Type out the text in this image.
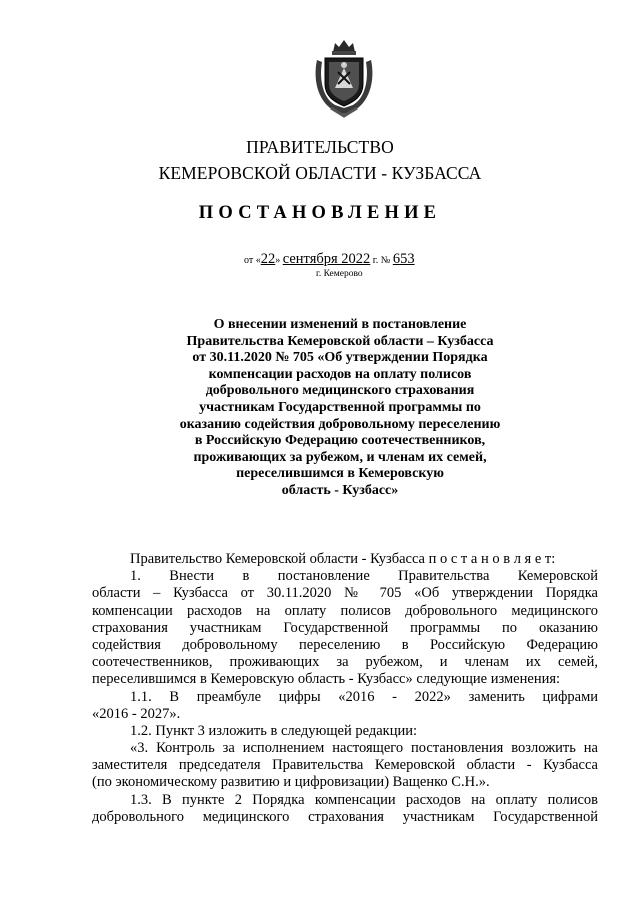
ПРАВИТЕЛЬСТВО
КЕМЕРОВСКОЙ ОБЛАСТИ - КУЗБАССА
ПОСТАНОВЛЕНИЕ
от «22» сентября 2022 г. № 653
г. Кемерово
О внесении изменений в постановление
Правительства Кемеровской области – Кузбасса
от 30.11.2020 № 705 «Об утверждении Порядка
компенсации расходов на оплату полисов
добровольного медицинского страхования
участникам Государственной программы по
оказанию содействия добровольному переселению
в Российскую Федерацию соотечественников,
проживающих за рубежом, и членам их семей,
переселившимся в Кемеровскую
область - Кузбасс»
Правительство Кемеровской области - Кузбасса п о с т а н о в л я е т:
1. Внести в постановление Правительства Кемеровской
области – Кузбасса от 30.11.2020 № 705 «Об утверждении Порядка
компенсации расходов на оплату полисов добровольного медицинского
страхования участникам Государственной программы по оказанию
содействия добровольному переселению в Российскую Федерацию
соотечественников, проживающих за рубежом, и членам их семей,
переселившимся в Кемеровскую область - Кузбасс» следующие изменения:
1.1. В преамбуле цифры «2016 - 2022» заменить цифрами
«2016 - 2027».
1.2. Пункт 3 изложить в следующей редакции:
«3. Контроль за исполнением настоящего постановления возложить на
заместителя председателя Правительства Кемеровской области - Кузбасса
(по экономическому развитию и цифровизации) Ващенко С.Н.».
1.3. В пункте 2 Порядка компенсации расходов на оплату полисов
добровольного медицинского страхования участникам Государственной
